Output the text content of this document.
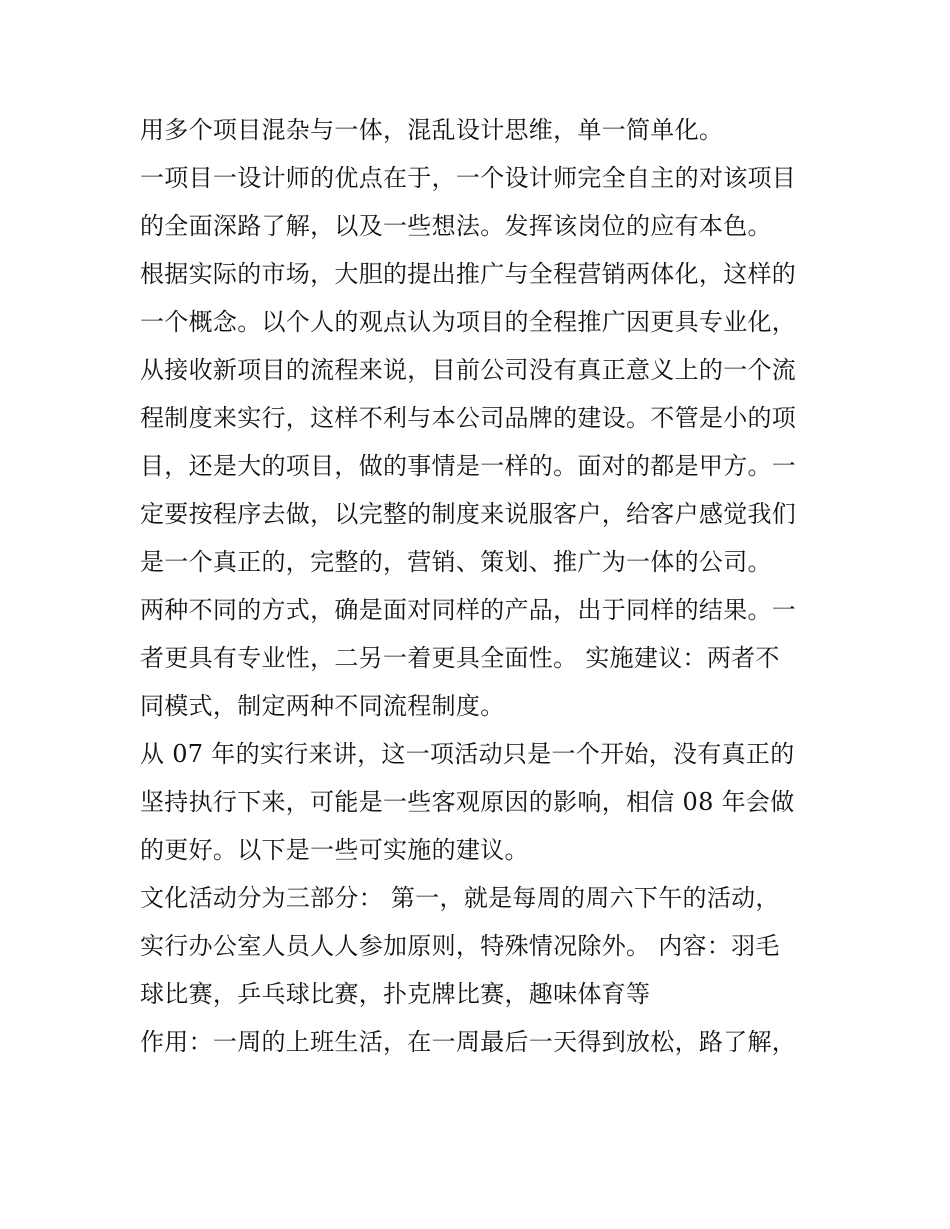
用多个项目混杂与一体，混乱设计思维，单一简单化。
一项目一设计师的优点在于，一个设计师完全自主的对该项目
的全面深路了解，以及一些想法。发挥该岗位的应有本色。
根据实际的市场，大胆的提出推广与全程营销两体化，这样的
一个概念。以个人的观点认为项目的全程推广因更具专业化，
从接收新项目的流程来说，目前公司没有真正意义上的一个流
程制度来实行，这样不利与本公司品牌的建设。不管是小的项
目，还是大的项目，做的事情是一样的。面对的都是甲方。一
定要按程序去做，以完整的制度来说服客户，给客户感觉我们
是一个真正的，完整的，营销、策划、推广为一体的公司。
两种不同的方式，确是面对同样的产品，出于同样的结果。一
者更具有专业性，二另一着更具全面性。 实施建议：两者不
同模式，制定两种不同流程制度。
从 07 年的实行来讲，这一项活动只是一个开始，没有真正的
坚持执行下来，可能是一些客观原因的影响，相信 08 年会做
的更好。以下是一些可实施的建议。
文化活动分为三部分： 第一，就是每周的周六下午的活动，
实行办公室人员人人参加原则，特殊情况除外。 内容：羽毛
球比赛，乒乓球比赛，扑克牌比赛，趣味体育等
作用：一周的上班生活，在一周最后一天得到放松，路了解，
